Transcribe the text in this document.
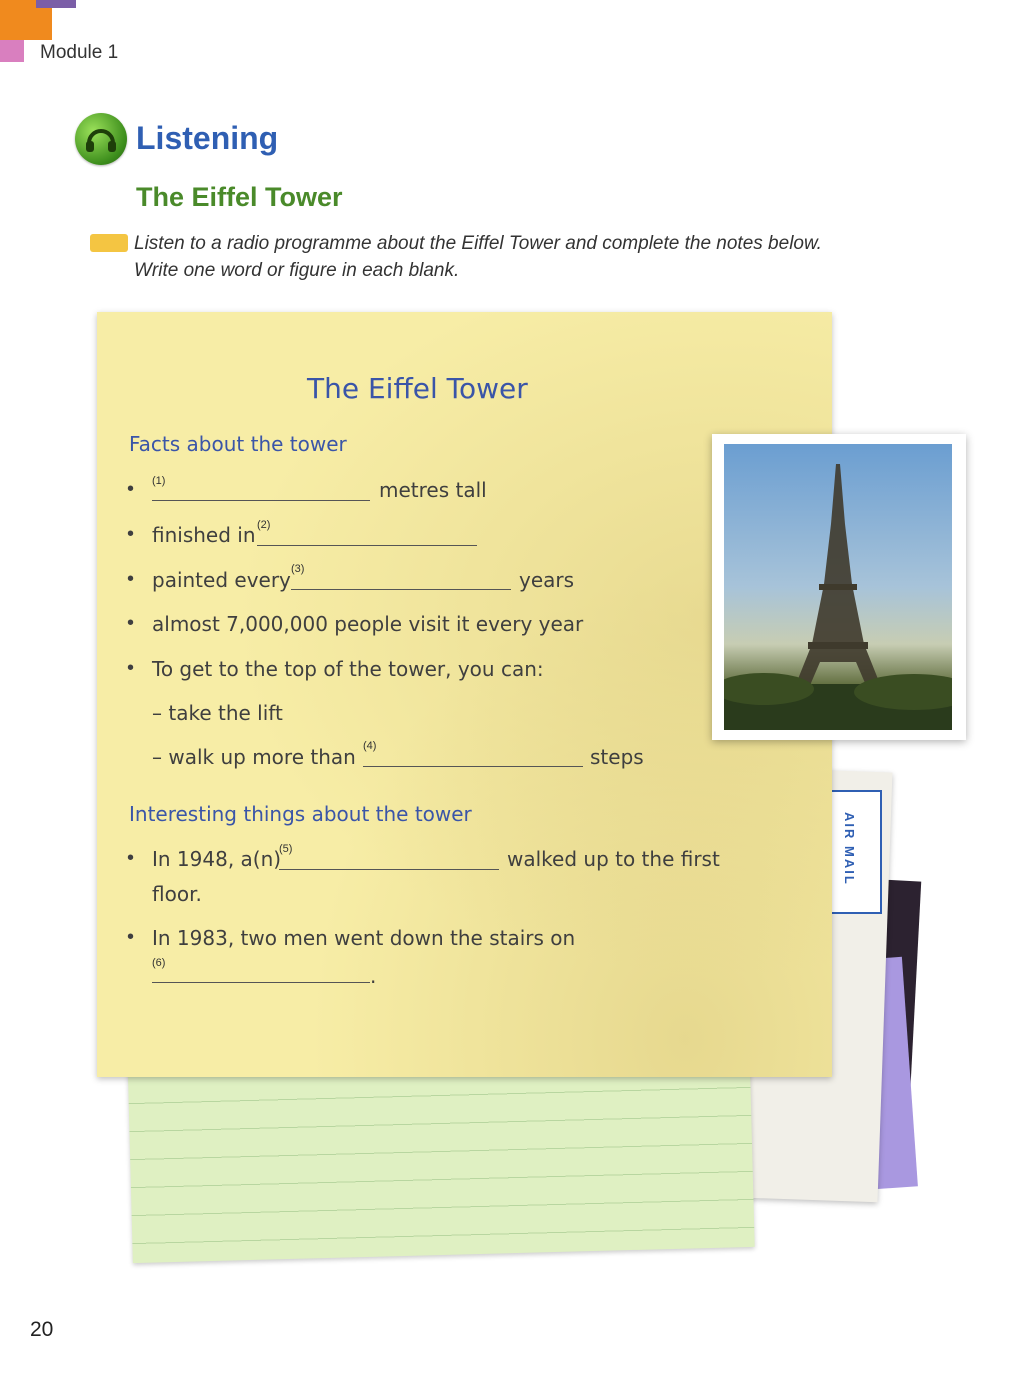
Module 1
Listening
The Eiffel Tower
Listen to a radio programme about the Eiffel Tower and complete the notes below.
Write one word or figure in each blank.
AIR MAIL
The Eiffel Tower
Facts about the tower
• (1)	metres tall
• finished in (2)
• painted every (3)	years
• almost 7,000,000 people visit it every year
• To get to the top of the tower, you can:
– take the lift
– walk up more than (4)	steps
Interesting things about the tower
• In 1948, a(n)
(5)	walked up to the first
floor.
• In 1983, two men went down the stairs on
(6)
.
20
